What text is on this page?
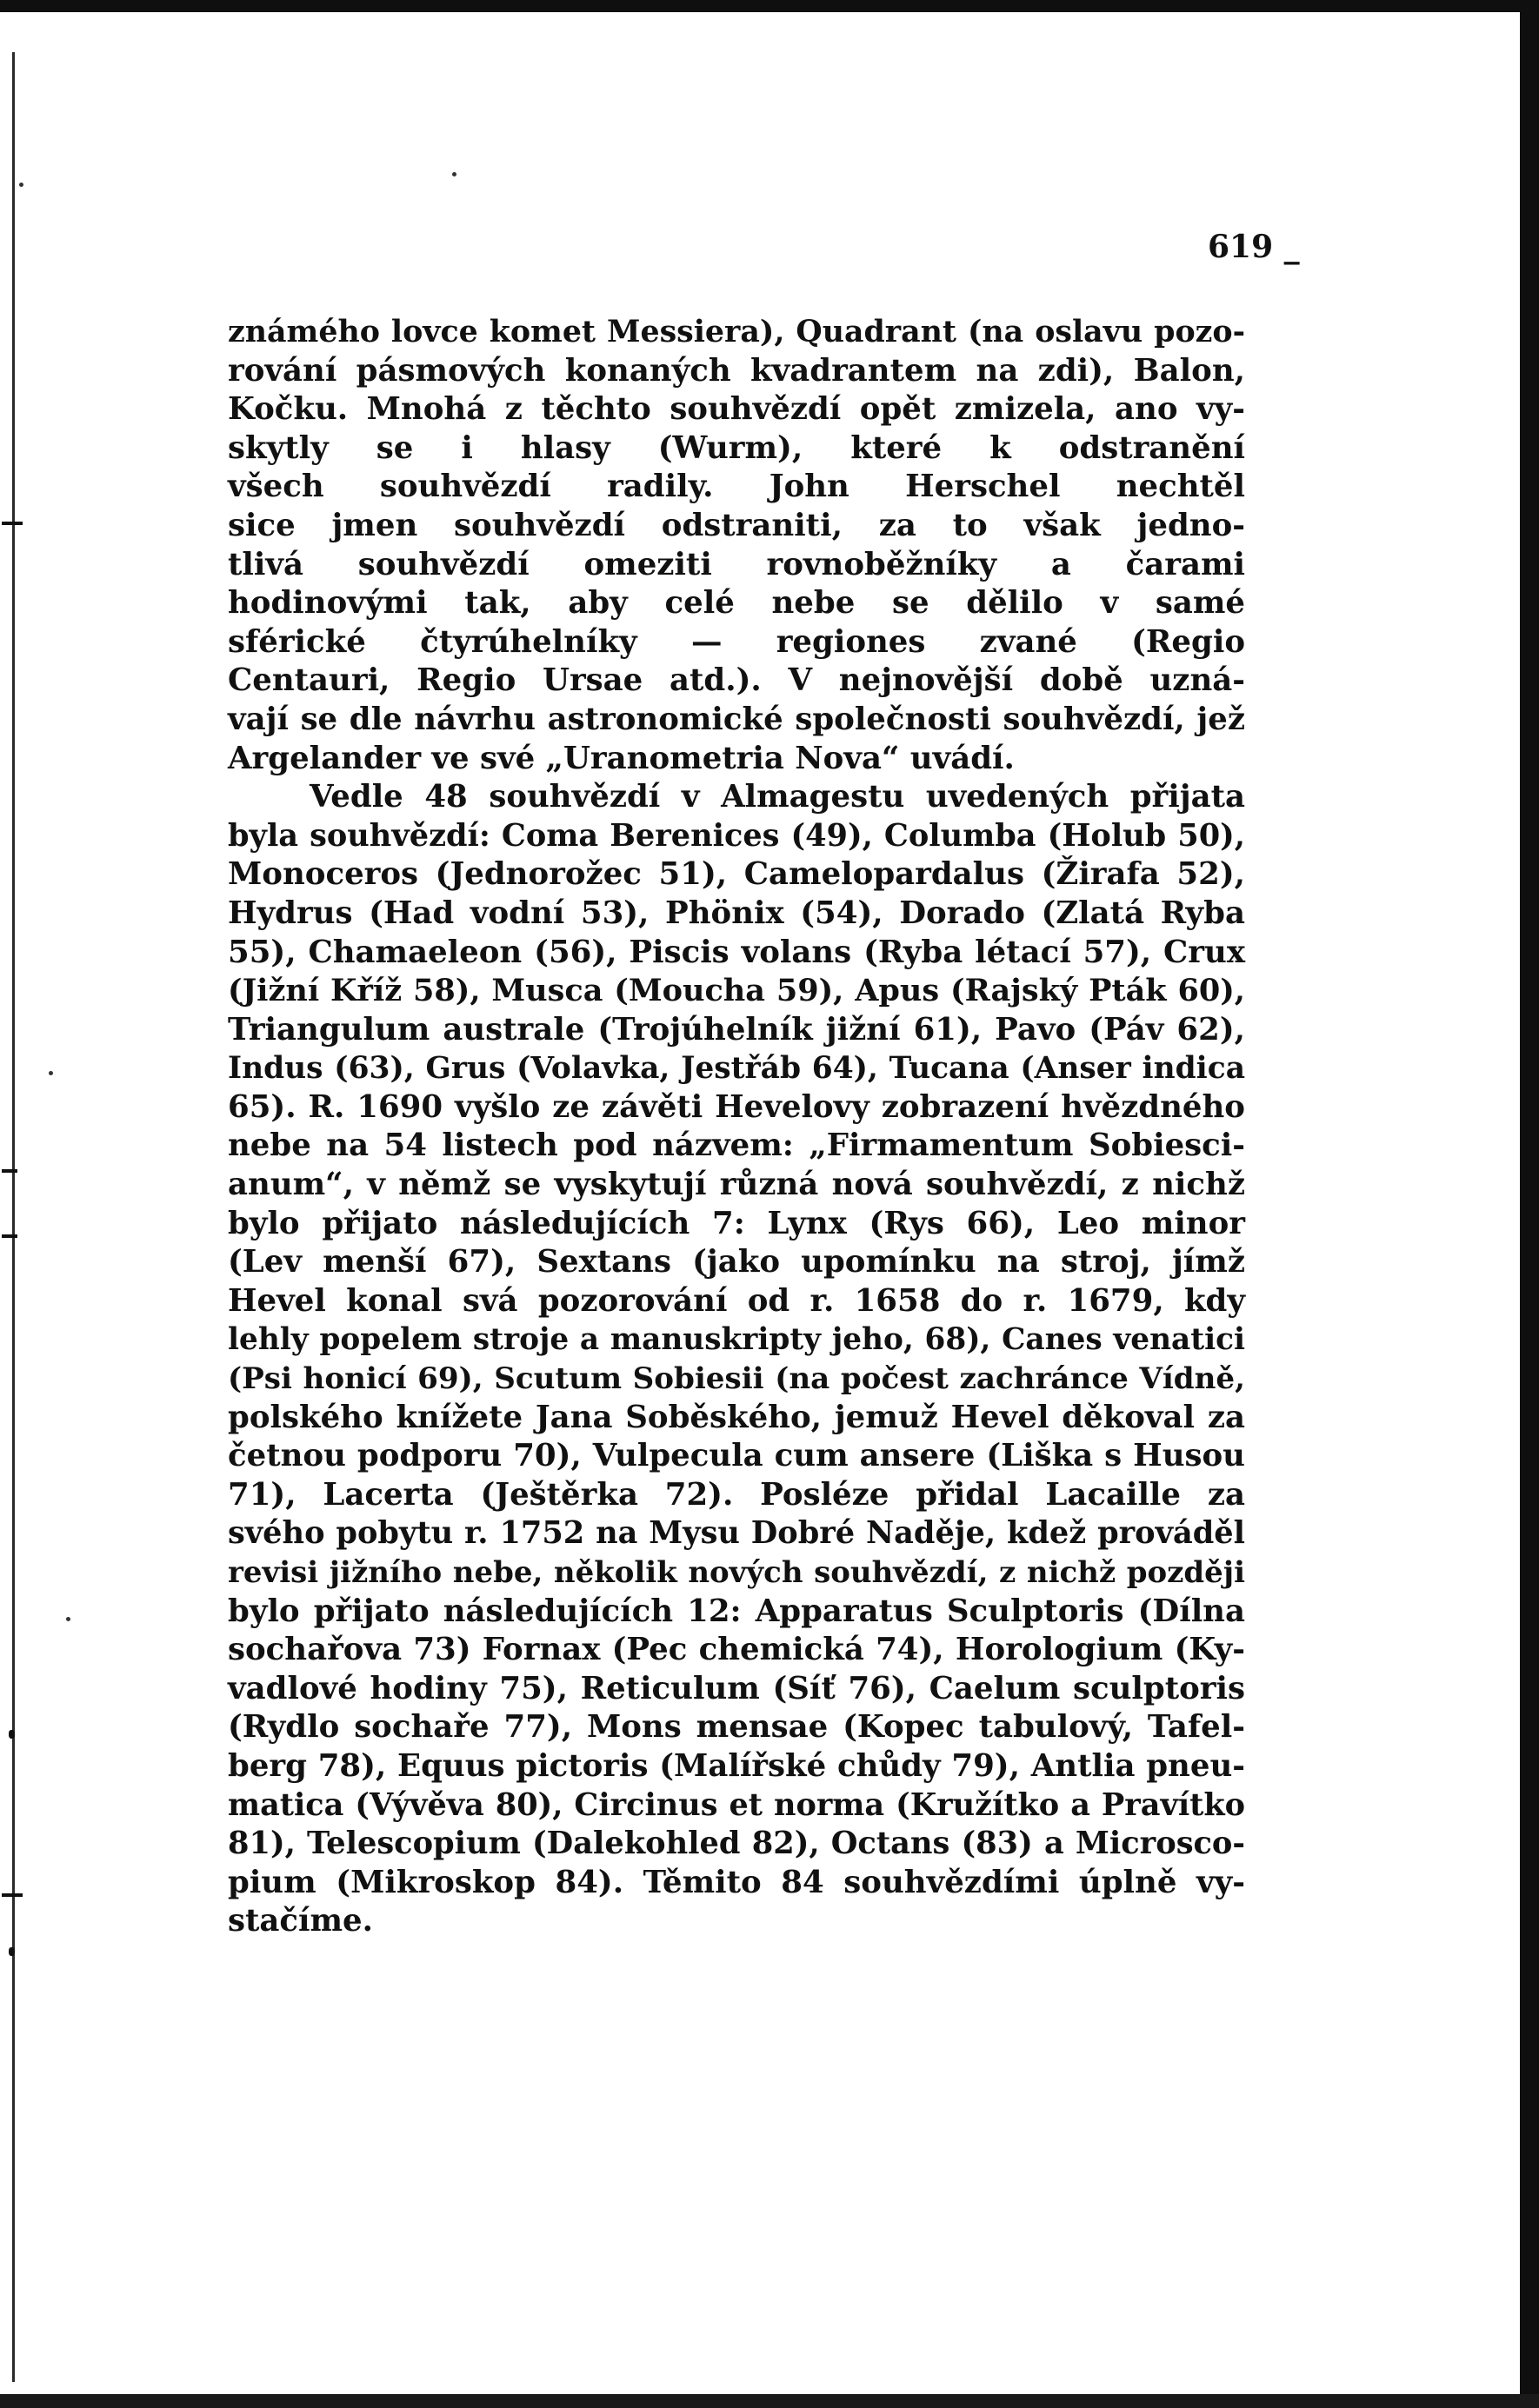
619 _
známého lovce komet Messiera), Quadrant (na oslavu pozo-
rování pásmových konaných kvadrantem na zdi), Balon,
Kočku. Mnohá z těchto souhvězdí opět zmizela, ano vy-
skytly se i hlasy (Wurm), které k odstranění
všech souhvězdí radily. John Herschel nechtěl
sice jmen souhvězdí odstraniti, za to však jedno-
tlivá souhvězdí omeziti rovnoběžníky a čarami
hodinovými tak, aby celé nebe se dělilo v samé
sférické čtyrúhelníky — regiones zvané (Regio
Centauri, Regio Ursae atd.). V nejnovější době uzná-
vají se dle návrhu astronomické společnosti souhvězdí, jež
Argelander ve své „Uranometria Nova“ uvádí.
Vedle 48 souhvězdí v Almagestu uvedených přijata
byla souhvězdí: Coma Berenices (49), Columba (Holub 50),
Monoceros (Jednorožec 51), Camelopardalus (Žirafa 52),
Hydrus (Had vodní 53), Phönix (54), Dorado (Zlatá Ryba
55), Chamaeleon (56), Piscis volans (Ryba létací 57), Crux
(Jižní Kříž 58), Musca (Moucha 59), Apus (Rajský Pták 60),
Triangulum australe (Trojúhelník jižní 61), Pavo (Páv 62),
Indus (63), Grus (Volavka, Jestřáb 64), Tucana (Anser indica
65). R. 1690 vyšlo ze závěti Hevelovy zobrazení hvězdného
nebe na 54 listech pod názvem: „Firmamentum Sobiesci-
anum“, v němž se vyskytují různá nová souhvězdí, z nichž
bylo přijato následujících 7: Lynx (Rys 66), Leo minor
(Lev menší 67), Sextans (jako upomínku na stroj, jímž
Hevel konal svá pozorování od r. 1658 do r. 1679, kdy
lehly popelem stroje a manuskripty jeho, 68), Canes venatici
(Psi honicí 69), Scutum Sobiesii (na počest zachránce Vídně,
polského knížete Jana Soběského, jemuž Hevel děkoval za
četnou podporu 70), Vulpecula cum ansere (Liška s Husou
71), Lacerta (Ještěrka 72). Posléze přidal Lacaille za
svého pobytu r. 1752 na Mysu Dobré Naděje, kdež prováděl
revisi jižního nebe, několik nových souhvězdí, z nichž později
bylo přijato následujících 12: Apparatus Sculptoris (Dílna
sochařova 73) Fornax (Pec chemická 74), Horologium (Ky-
vadlové hodiny 75), Reticulum (Síť 76), Caelum sculptoris
(Rydlo sochaře 77), Mons mensae (Kopec tabulový, Tafel-
berg 78), Equus pictoris (Malířské chůdy 79), Antlia pneu-
matica (Vývěva 80), Circinus et norma (Kružítko a Pravítko
81), Telescopium (Dalekohled 82), Octans (83) a Microsco-
pium (Mikroskop 84). Těmito 84 souhvězdími úplně vy-
stačíme.
